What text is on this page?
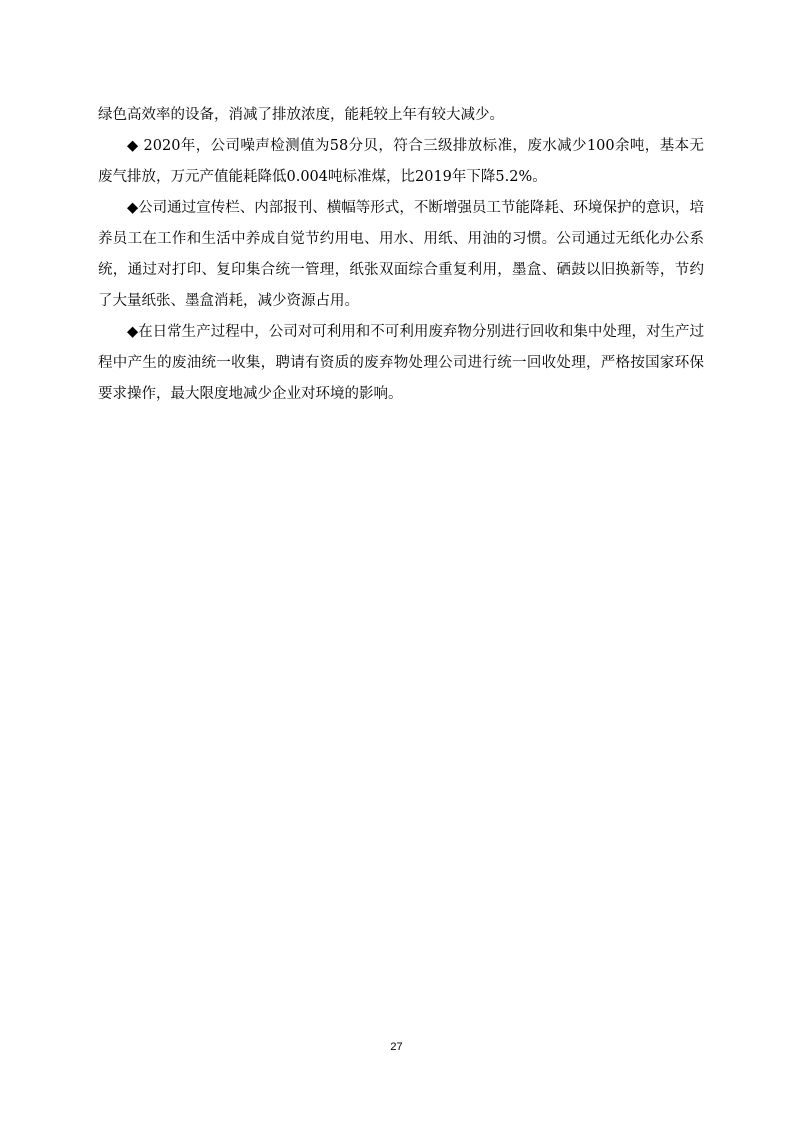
绿色高效率的设备，消减了排放浓度，能耗较上年有较大减少。

◆ 2020年，公司噪声检测值为58分贝，符合三级排放标准，废水减少100余吨，基本无废气排放，万元产值能耗降低0.004吨标准煤，比2019年下降5.2%。

◆公司通过宣传栏、内部报刊、横幅等形式，不断增强员工节能降耗、环境保护的意识，培养员工在工作和生活中养成自觉节约用电、用水、用纸、用油的习惯。公司通过无纸化办公系统，通过对打印、复印集合统一管理，纸张双面综合重复利用，墨盒、硒鼓以旧换新等，节约了大量纸张、墨盒消耗，减少资源占用。

◆在日常生产过程中，公司对可利用和不可利用废弃物分别进行回收和集中处理，对生产过程中产生的废油统一收集，聘请有资质的废弃物处理公司进行统一回收处理，严格按国家环保要求操作，最大限度地减少企业对环境的影响。

27
